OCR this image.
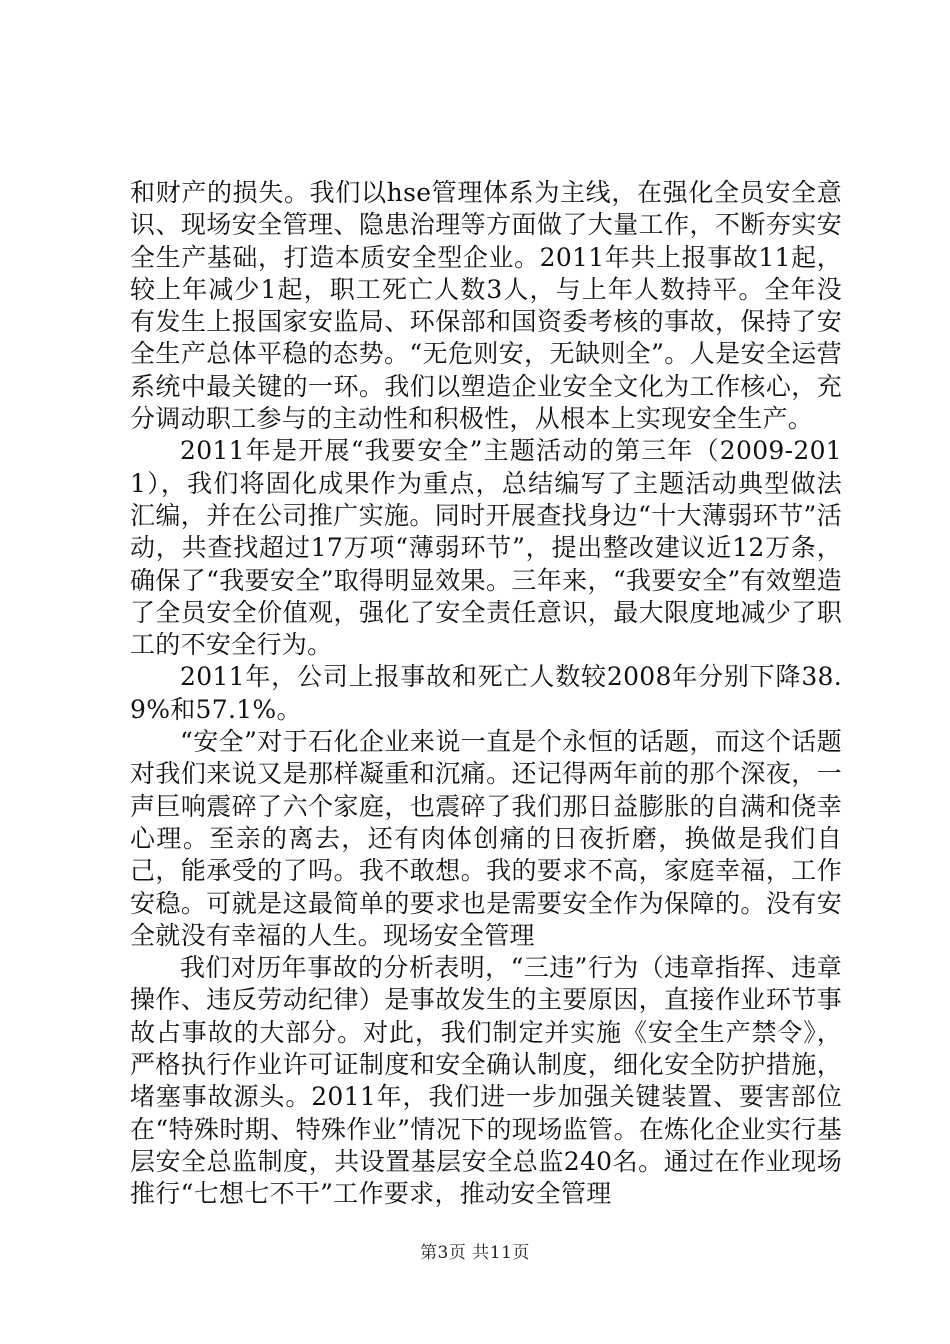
和财产的损失。我们以hse管理体系为主线，在强化全员安全意识、现场安全管理、隐患治理等方面做了大量工作，不断夯实安全生产基础，打造本质安全型企业。2011年共上报事故11起，较上年减少1起，职工死亡人数3人，与上年人数持平。全年没有发生上报国家安监局、环保部和国资委考核的事故，保持了安全生产总体平稳的态势。“无危则安，无缺则全”。人是安全运营系统中最关键的一环。我们以塑造企业安全文化为工作核心，充分调动职工参与的主动性和积极性，从根本上实现安全生产。

2011年是开展“我要安全”主题活动的第三年（2009-2011），我们将固化成果作为重点，总结编写了主题活动典型做法汇编，并在公司推广实施。同时开展查找身边“十大薄弱环节”活动，共查找超过17万项“薄弱环节”，提出整改建议近12万条，确保了“我要安全”取得明显效果。三年来，“我要安全”有效塑造了全员安全价值观，强化了安全责任意识，最大限度地减少了职工的不安全行为。

2011年，公司上报事故和死亡人数较2008年分别下降38.9%和57.1%。

“安全”对于石化企业来说一直是个永恒的话题，而这个话题对我们来说又是那样凝重和沉痛。还记得两年前的那个深夜，一声巨响震碎了六个家庭，也震碎了我们那日益膨胀的自满和侥幸心理。至亲的离去，还有肉体创痛的日夜折磨，换做是我们自己，能承受的了吗。我不敢想。我的要求不高，家庭幸福，工作安稳。可就是这最简单的要求也是需要安全作为保障的。没有安全就没有幸福的人生。现场安全管理

我们对历年事故的分析表明，“三违”行为（违章指挥、违章操作、违反劳动纪律）是事故发生的主要原因，直接作业环节事故占事故的大部分。对此，我们制定并实施《安全生产禁令》，严格执行作业许可证制度和安全确认制度，细化安全防护措施，堵塞事故源头。2011年，我们进一步加强关键装置、要害部位在“特殊时期、特殊作业”情况下的现场监管。在炼化企业实行基层安全总监制度，共设置基层安全总监240名。通过在作业现场推行“七想七不干”工作要求，推动安全管理

第3页 共11页
